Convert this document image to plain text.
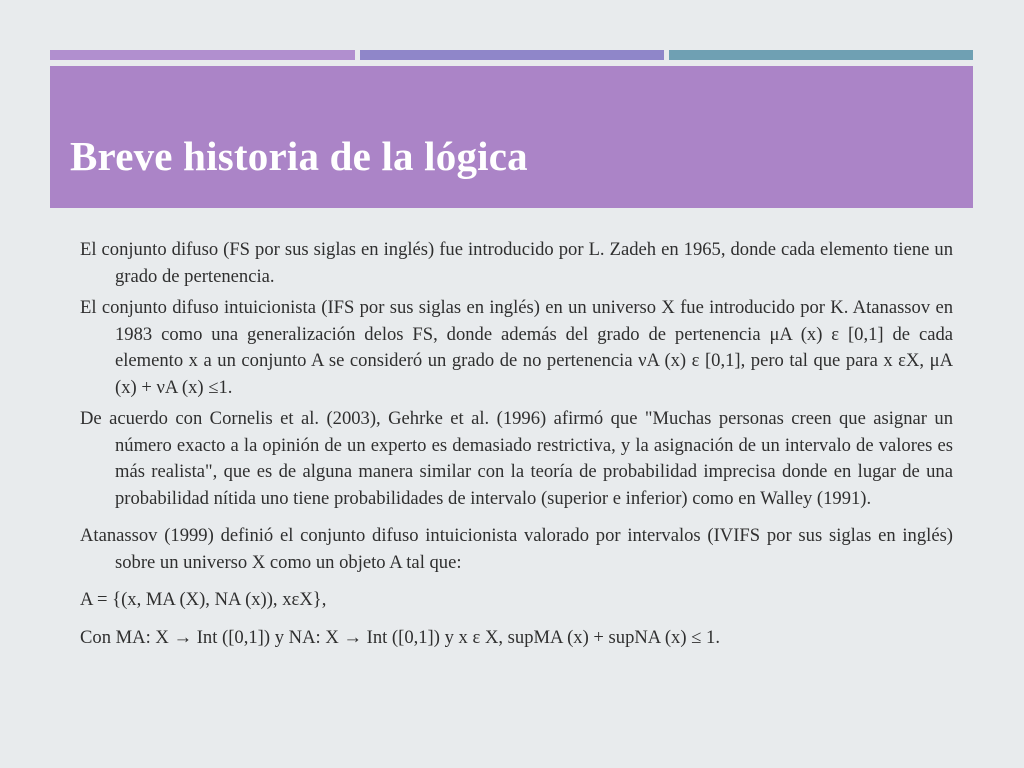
Breve historia de la lógica

El conjunto difuso (FS por sus siglas en inglés) fue introducido por L. Zadeh en 1965, donde cada elemento tiene un grado de pertenencia.

El conjunto difuso intuicionista (IFS por sus siglas en inglés) en un universo X fue introducido por K. Atanassov en 1983 como una generalización delos FS, donde además del grado de pertenencia μA (x) ε [0,1] de cada elemento x a un conjunto A se consideró un grado de no pertenencia νA (x) ε [0,1], pero tal que para x εX, μA (x) + νA (x) ≤1.

De acuerdo con Cornelis et al. (2003), Gehrke et al. (1996) afirmó que "Muchas personas creen que asignar un número exacto a la opinión de un experto es demasiado restrictiva, y la asignación de un intervalo de valores es más realista", que es de alguna manera similar con la teoría de probabilidad imprecisa donde en lugar de una probabilidad nítida uno tiene probabilidades de intervalo (superior e inferior) como en Walley (1991).

Atanassov (1999) definió el conjunto difuso intuicionista valorado por intervalos (IVIFS por sus siglas en inglés) sobre un universo X como un objeto A tal que:

A = {(x, MA (X), NA (x)), xεX},

Con MA: X → Int ([0,1]) y NA: X → Int ([0,1]) y x ε X, supMA (x) + supNA (x) ≤ 1.
